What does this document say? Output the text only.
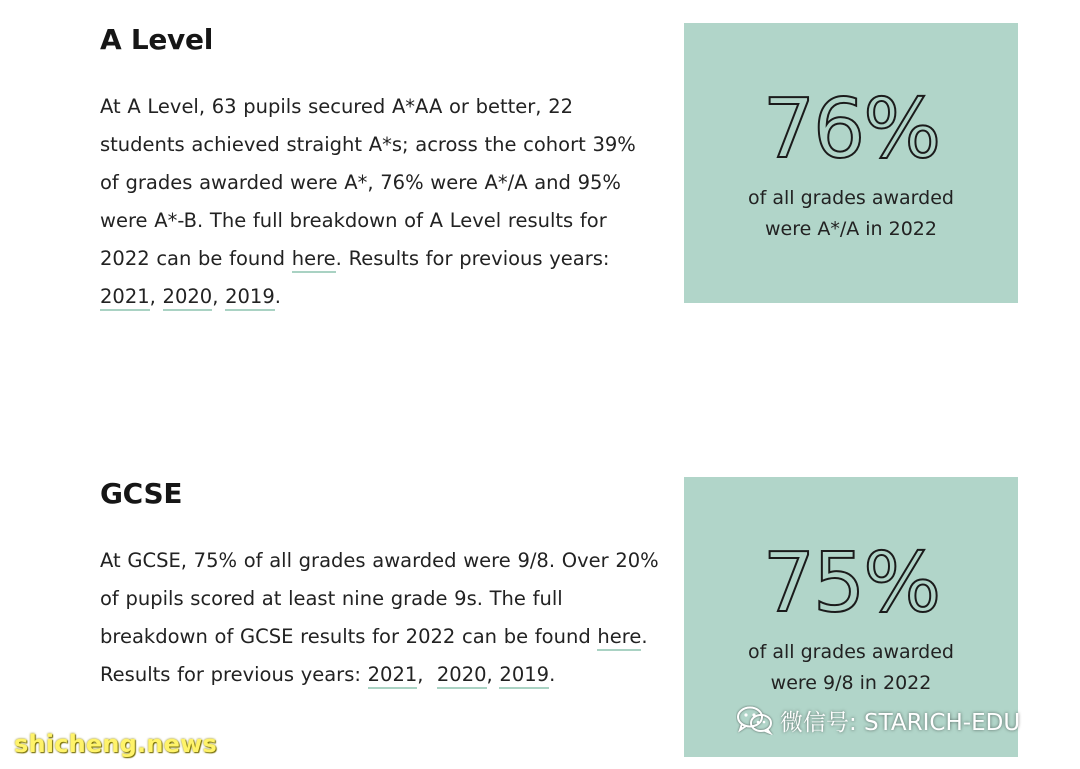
A Level

At A Level, 63 pupils secured A*AA or better, 22 students achieved straight A*s; across the cohort 39% of grades awarded were A*, 76% were A*/A and 95% were A*-B. The full breakdown of A Level results for 2022 can be found here. Results for previous years: 2021, 2020, 2019.

76%
of all grades awarded were A*/A in 2022
GCSE

At GCSE, 75% of all grades awarded were 9/8. Over 20% of pupils scored at least nine grade 9s. The full breakdown of GCSE results for 2022 can be found here. Results for previous years: 2021,  2020, 2019.

75%
of all grades awarded were 9/8 in 2022
shicheng.news
微信号: STARICH-EDU
